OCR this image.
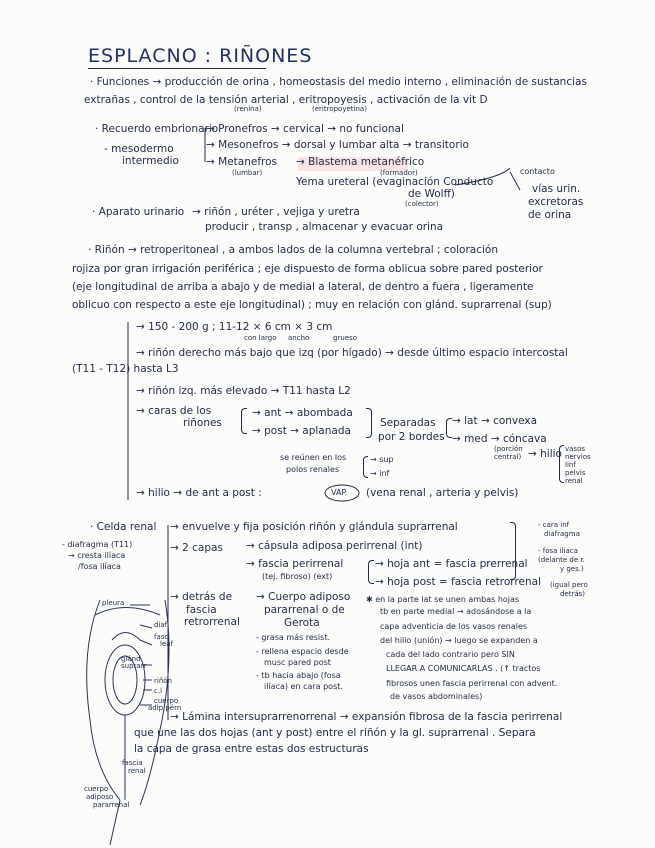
ESPLACNO : RIÑONES
· Funciones → producción de orina , homeostasis del medio interno , eliminación de sustancias
extrañas , control de la tensión arterial , eritropoyesis , activación de la vit D
(renina)	(eritropoyetina)
· Recuerdo embrionario
- mesodermo
intermedio
→ Pronefros → cervical → no funcional
→ Mesonefros → dorsal y lumbar alta → transitorio
→ Metanefros
(lumbar)
→ Blastema metanéfrico
(formador)
Yema ureteral (evaginación Conducto
de Wolff)
(colector)
contacto
vías urin.
excretoras
de orina
· Aparato urinario → riñón , uréter , vejiga y uretra
producir , transp , almacenar y evacuar orina
· Riñón → retroperitoneal , a ambos lados de la columna vertebral ; coloración
rojiza por gran irrigación periférica ; eje dispuesto de forma oblicua sobre pared posterior
(eje longitudinal de arriba a abajo y de medial a lateral, de dentro a fuera , ligeramente
oblicuo con respecto a este eje longitudinal) ; muy en relación con glánd. suprarrenal (sup)
→ 150 - 200 g ; 11-12 × 6 cm × 3 cm
con largo ancho	grueso
→ riñón derecho más bajo que izq (por hígado) → desde último espacio intercostal
(T11 - T12) hasta L3
→ riñón izq. más elevado → T11 hasta L2
→ caras de los
riñones
→ ant → abombada
→ post → aplanada
Separadas
por 2 bordes
→ lat → convexa
→ med → cóncava
(porción
central) → hilio vasos
nervios
linf
pelvis
renal
se reúnen en los
polos renales
→ sup
→ inf
→ hilio → de ant a post :	VAP (vena renal , arteria y pelvis)
· Celda renal → envuelve y fija posición riñón y glándula suprarrenal	- cara inf
diafragma
- fosa ilíaca
(delante de r.
y ges.)
(igual pero
detrás)
- diafragma (T11)
→ cresta ilíaca
/fosa ilíaca
→ 2 capas → cápsula adiposa perirrenal (int)
→ fascia perirrenal
(tej. fibroso) (ext)
→ hoja ant = fascia prerrenal
→ hoja post = fascia retrorrenal
→ detrás de
fascia
retrorrenal
→ Cuerpo adiposo
pararrenal o de
Gerota
- grasa más resist.
- rellena espacio desde
musc pared post
- tb hacia abajo (fosa
ilíaca) en cara post.
✱ en la parte lat se unen ambas hojas
tb en parte medial → adosándose a la
capa adventicia de los vasos renales
del hilio (unión) → luego se expanden a
cada del lado contrario pero SIN
LLEGAR A COMUNICARLAS . (↑ tractos
fibrosos unen fascia perirrenal con advent.
de vasos abdominales)
→ Lámina intersuprarrenorrenal → expansión fibrosa de la fascia perirrenal
que une las dos hojas (ant y post) entre el riñón y la gl. suprarrenal . Separa
la capa de grasa entre estas dos estructuras
pleura
diaf
fasc
leaf
glánd
suprarr
riñón
c.l
cuerpo
adip pérn
fascia
renal
cuerpo
adiposo
pararrenal
